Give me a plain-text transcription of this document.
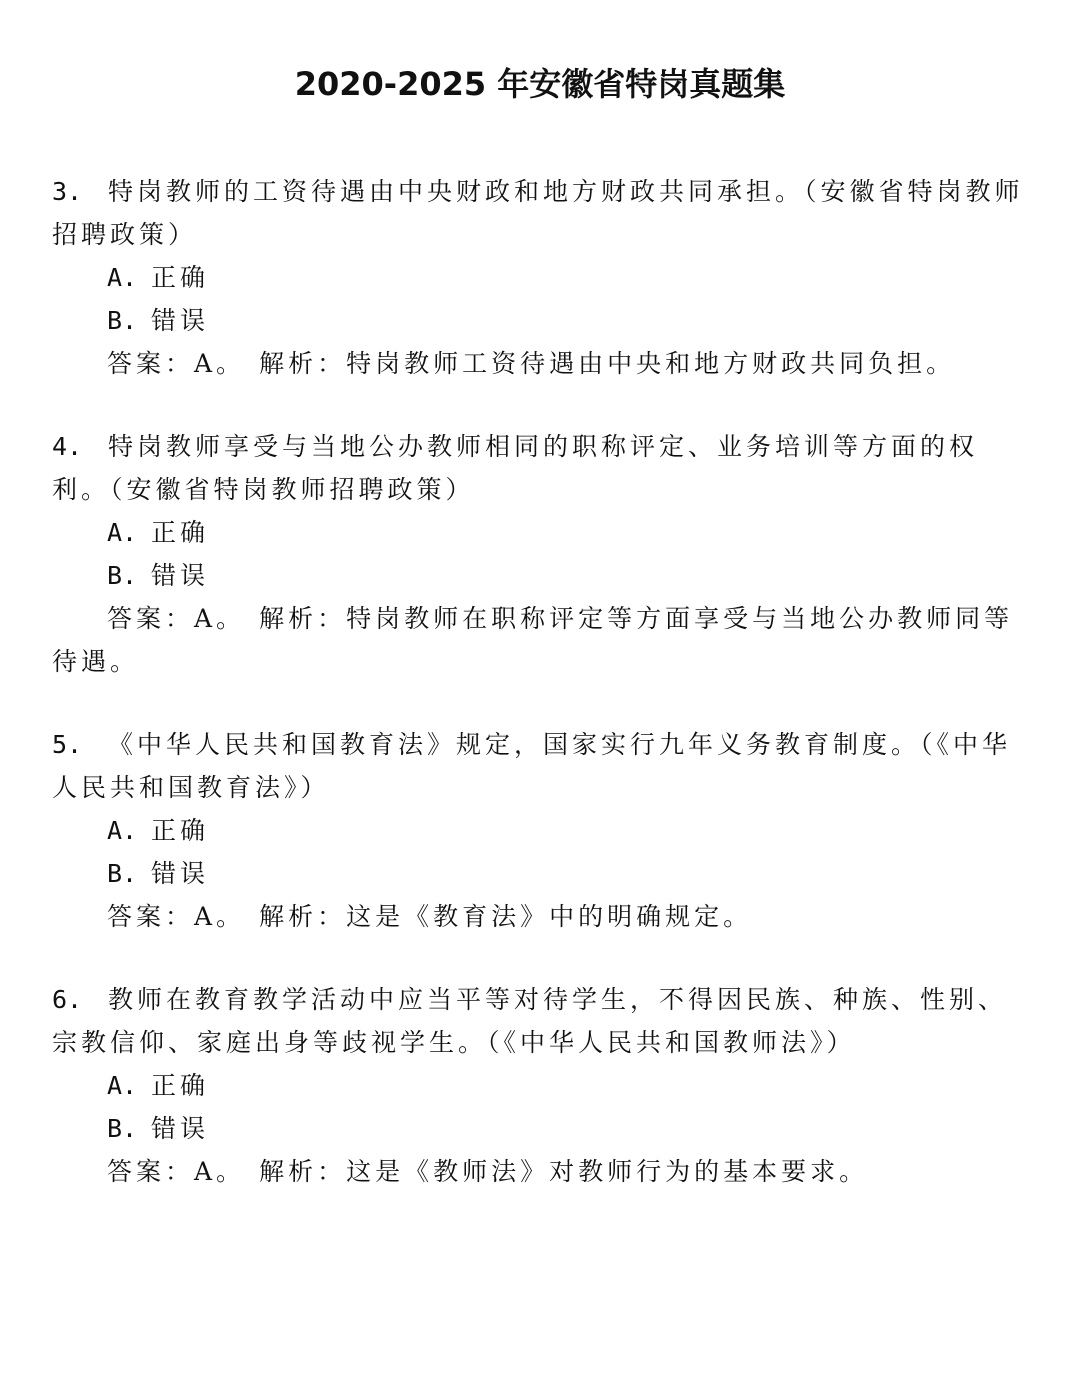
2020-2025 年安徽省特岗真题集

3. 特岗教师的工资待遇由中央财政和地方财政共同承担。（安徽省特岗教师招聘政策）

A. 正确

B. 错误

答案：A。 解析：特岗教师工资待遇由中央和地方财政共同负担。

4. 特岗教师享受与当地公办教师相同的职称评定、业务培训等方面的权利。（安徽省特岗教师招聘政策）

A. 正确

B. 错误

答案：A。 解析：特岗教师在职称评定等方面享受与当地公办教师同等待遇。

5. 《中华人民共和国教育法》规定，国家实行九年义务教育制度。（《中华人民共和国教育法》）

A. 正确

B. 错误

答案：A。 解析：这是《教育法》中的明确规定。

6. 教师在教育教学活动中应当平等对待学生，不得因民族、种族、性别、宗教信仰、家庭出身等歧视学生。（《中华人民共和国教师法》）

A. 正确

B. 错误

答案：A。 解析：这是《教师法》对教师行为的基本要求。
